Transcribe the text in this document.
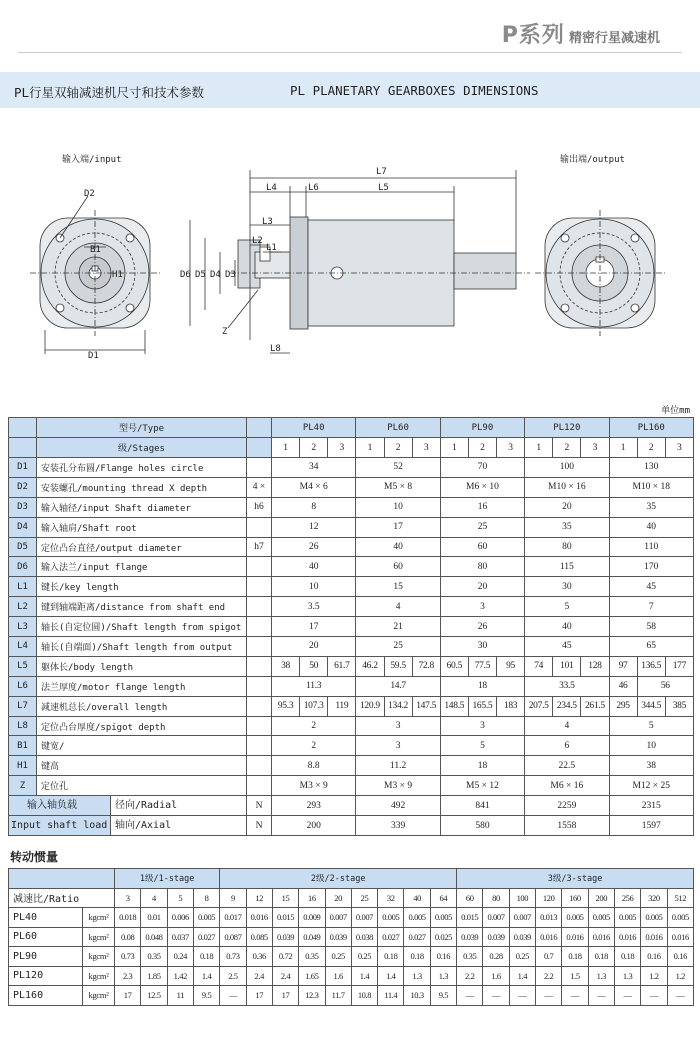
P系列 精密行星减速机
PL行星双轴减速机尺寸和技术参数	PL PLANETARY GEARBOXES DIMENSIONS
输入端/input	输出端/output
D2
B1
H1
D1
L7
L4	L6	L5
L3
L2
L1
D6 D5 D4 D3
Z
L8
单位mm
	型号/Type		PL40			PL60			PL90			PL120			PL160		
	级/Stages		1	2	3	1	2	3	1	2	3	1	2	3	1	2	3
D1	安装孔分布圆/Flange holes circle		34			52			70			100			130		
D2	安装螺孔/mounting thread X depth	4 ×	M4 × 6			M5 × 8			M6 × 10			M10 × 16			M10 × 18		
D3	输入轴径/input Shaft diameter	h6	8			10			16			20			35		
D4	输入轴肩/Shaft root		12			17			25			35			40		
D5	定位凸台直径/output diameter	h7	26			40			60			80			110		
D6	输入法兰/input flange		40			60			80			115			170		
L1	键长/key length		10			15			20			30			45		
L2	键到轴端距离/distance from shaft end		3.5			4			3			5			7		
L3	轴长(自定位圆)/Shaft length from spigot		17			21			26			40			58		
L4	轴长(自端面)/Shaft length from output		20			25			30			45			65		
L5	躯体长/body length		38	50	61.7	46.2	59.5	72.8	60.5	77.5	95	74	101	128	97	136.5	177
L6	法兰厚度/motor flange length		11.3			14.7			18			33.5			46	56	
L7	减速机总长/overall length		95.3	107.3	119	120.9	134.2	147.5	148.5	165.5	183	207.5	234.5	261.5	295	344.5	385
L8	定位凸台厚度/spigot depth		2			3			3			4			5		
B1	键宽/		2			3			5			6			10		
H1	键高		8.8			11.2			18			22.5			38		
Z	定位孔		M3 × 9			M3 × 9			M5 × 12			M6 × 16			M12 × 25		
输入轴负载 径向/Radial		N	293			492			841			2259			2315		
Input shaft load 轴向/Axial		N	200			339			580			1558			1597		
转动惯量
		1级/1-stage				2级/2-stage									3级/3-stage								
减速比/Ratio		3	4	5	8	9	12	15	16	20	25	32	40	64	60	80	100	120	160	200	256	320	512
PL40	kgcm²	0.018	0.01	0.006	0.005	0.017	0.016	0.015	0.009	0.007	0.007	0.005	0.005	0.005	0.015	0.007	0.007	0.013	0.005	0.005	0.005	0.005	0.005
PL60	kgcm²	0.08	0.048	0.037	0.027	0.087	0.085	0.039	0.049	0.039	0.038	0.027	0.027	0.025	0.039	0.039	0.039	0.016	0.016	0.016	0.016	0.016	0.016
PL90	kgcm²	0.73	0.35	0.24	0.18	0.73	0.36	0.72	0.35	0.25	0.25	0.18	0.18	0.16	0.35	0.28	0.25	0.7	0.18	0.18	0.18	0.16	0.16
PL120	kgcm²	2.3	1.85	1.42	1.4	2.5	2.4	2.4	1.65	1.6	1.4	1.4	1.3	1.3	2.2	1.6	1.4	2.2	1.5	1.3	1.3	1.2	1.2
PL160	kgcm²	17	12.5	11	9.5	—	17	17	12.3	11.7	10.8	11.4	10.3	9.5	—	—	—	—	—	—	—	—	—
